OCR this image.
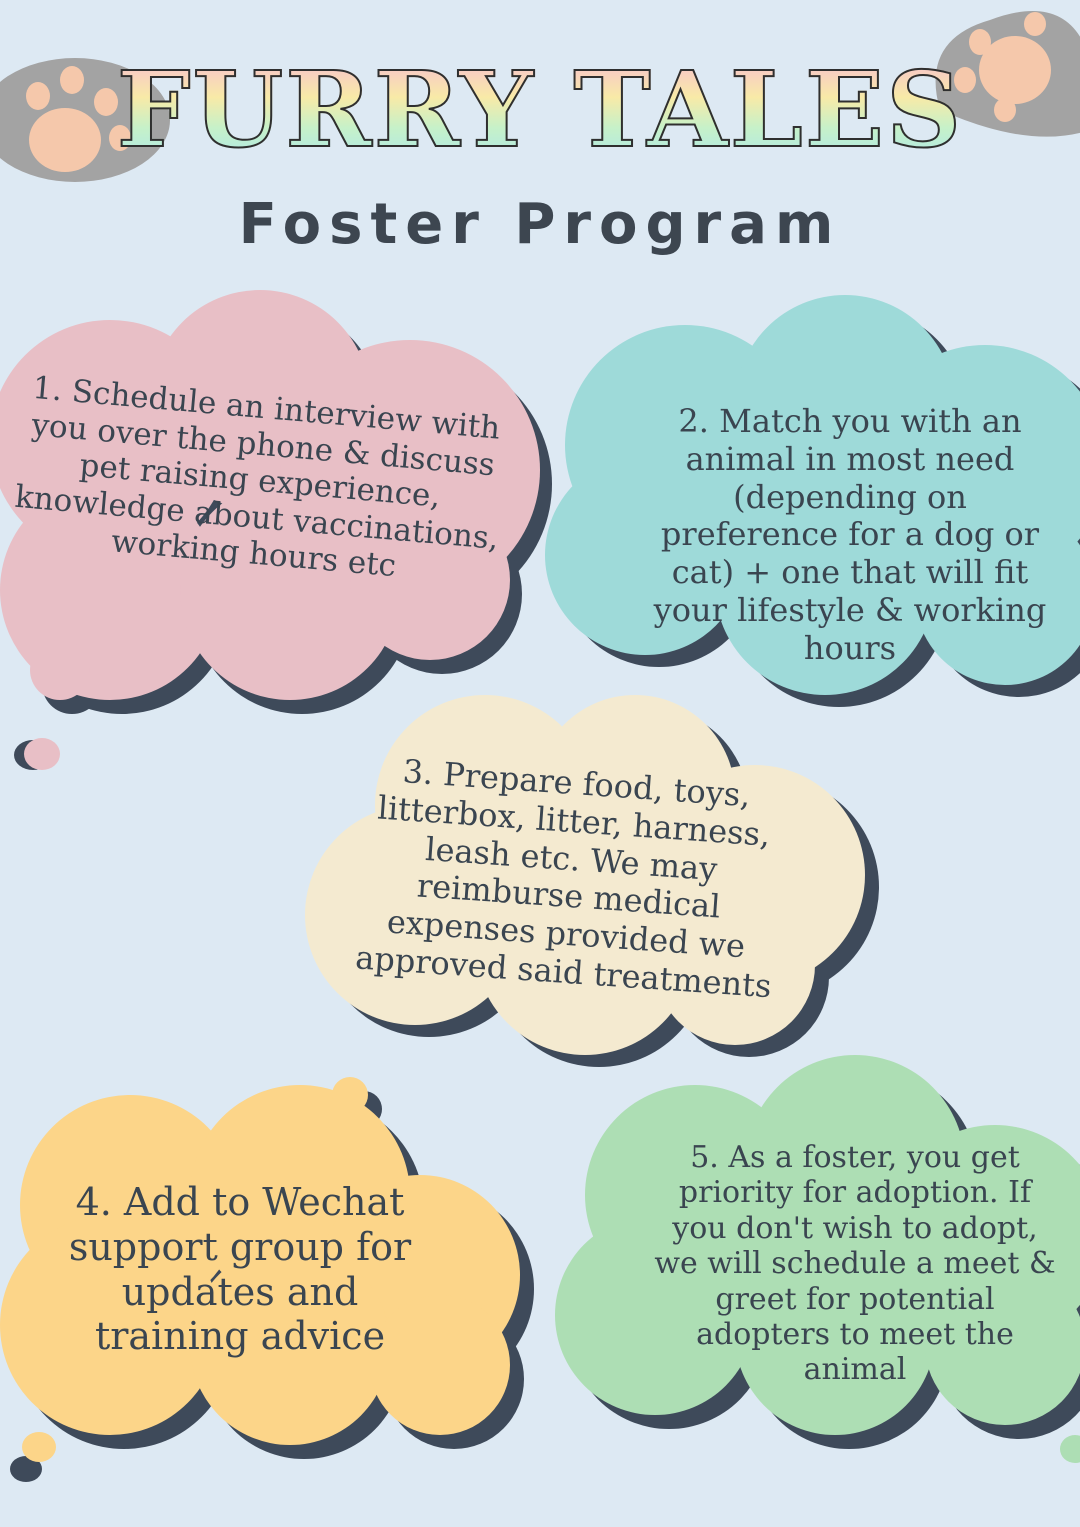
FURRY TALES
Foster Program
1. Schedule an interview with you over the phone & discuss pet raising experience, knowledge about vaccinations, working hours etc
2. Match you with an animal in most need (depending on preference for a dog or cat) + one that will fit your lifestyle & working hours
3. Prepare food, toys, litterbox, litter, harness, leash etc. We may reimburse medical expenses provided we approved said treatments
4. Add to Wechat support group for updates and training advice
5. As a foster, you get priority for adoption. If you don't wish to adopt, we will schedule a meet & greet for potential adopters to meet the animal
